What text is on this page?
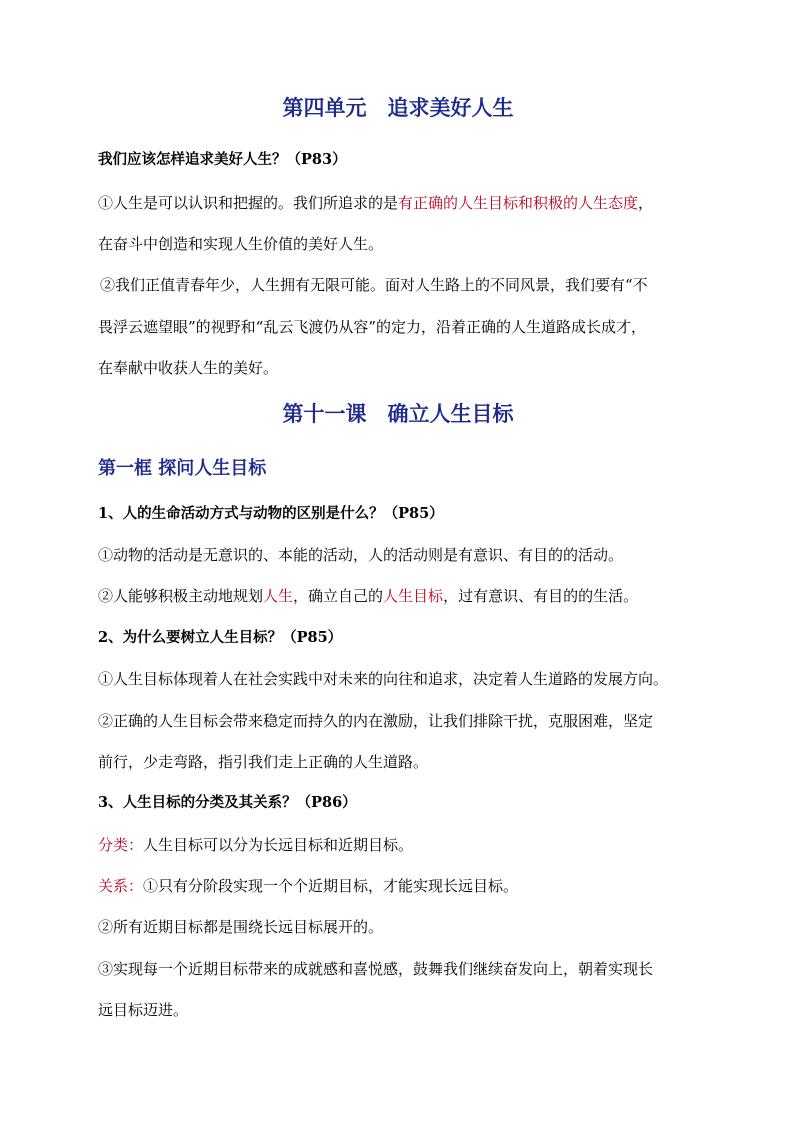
第四单元　追求美好人生
我们应该怎样追求美好人生？（P83）
①人生是可以认识和把握的。我们所追求的是有正确的人生目标和积极的人生态度，
在奋斗中创造和实现人生价值的美好人生。
②我们正值青春年少，人生拥有无限可能。面对人生路上的不同风景，我们要有“不
畏浮云遮望眼”的视野和“乱云飞渡仍从容”的定力，沿着正确的人生道路成长成才，
在奉献中收获人生的美好。
第十一课　确立人生目标
第一框 探问人生目标
1、人的生命活动方式与动物的区别是什么？（P85）
①动物的活动是无意识的、本能的活动，人的活动则是有意识、有目的的活动。
②人能够积极主动地规划人生，确立自己的人生目标，过有意识、有目的的生活。
2、为什么要树立人生目标？（P85）
①人生目标体现着人在社会实践中对未来的向往和追求，决定着人生道路的发展方向。
②正确的人生目标会带来稳定而持久的内在激励，让我们排除干扰，克服困难，坚定
前行，少走弯路，指引我们走上正确的人生道路。
3、人生目标的分类及其关系？（P86）
分类：人生目标可以分为长远目标和近期目标。
关系：①只有分阶段实现一个个近期目标，才能实现长远目标。
②所有近期目标都是围绕长远目标展开的。
③实现每一个近期目标带来的成就感和喜悦感，鼓舞我们继续奋发向上，朝着实现长
远目标迈进。
